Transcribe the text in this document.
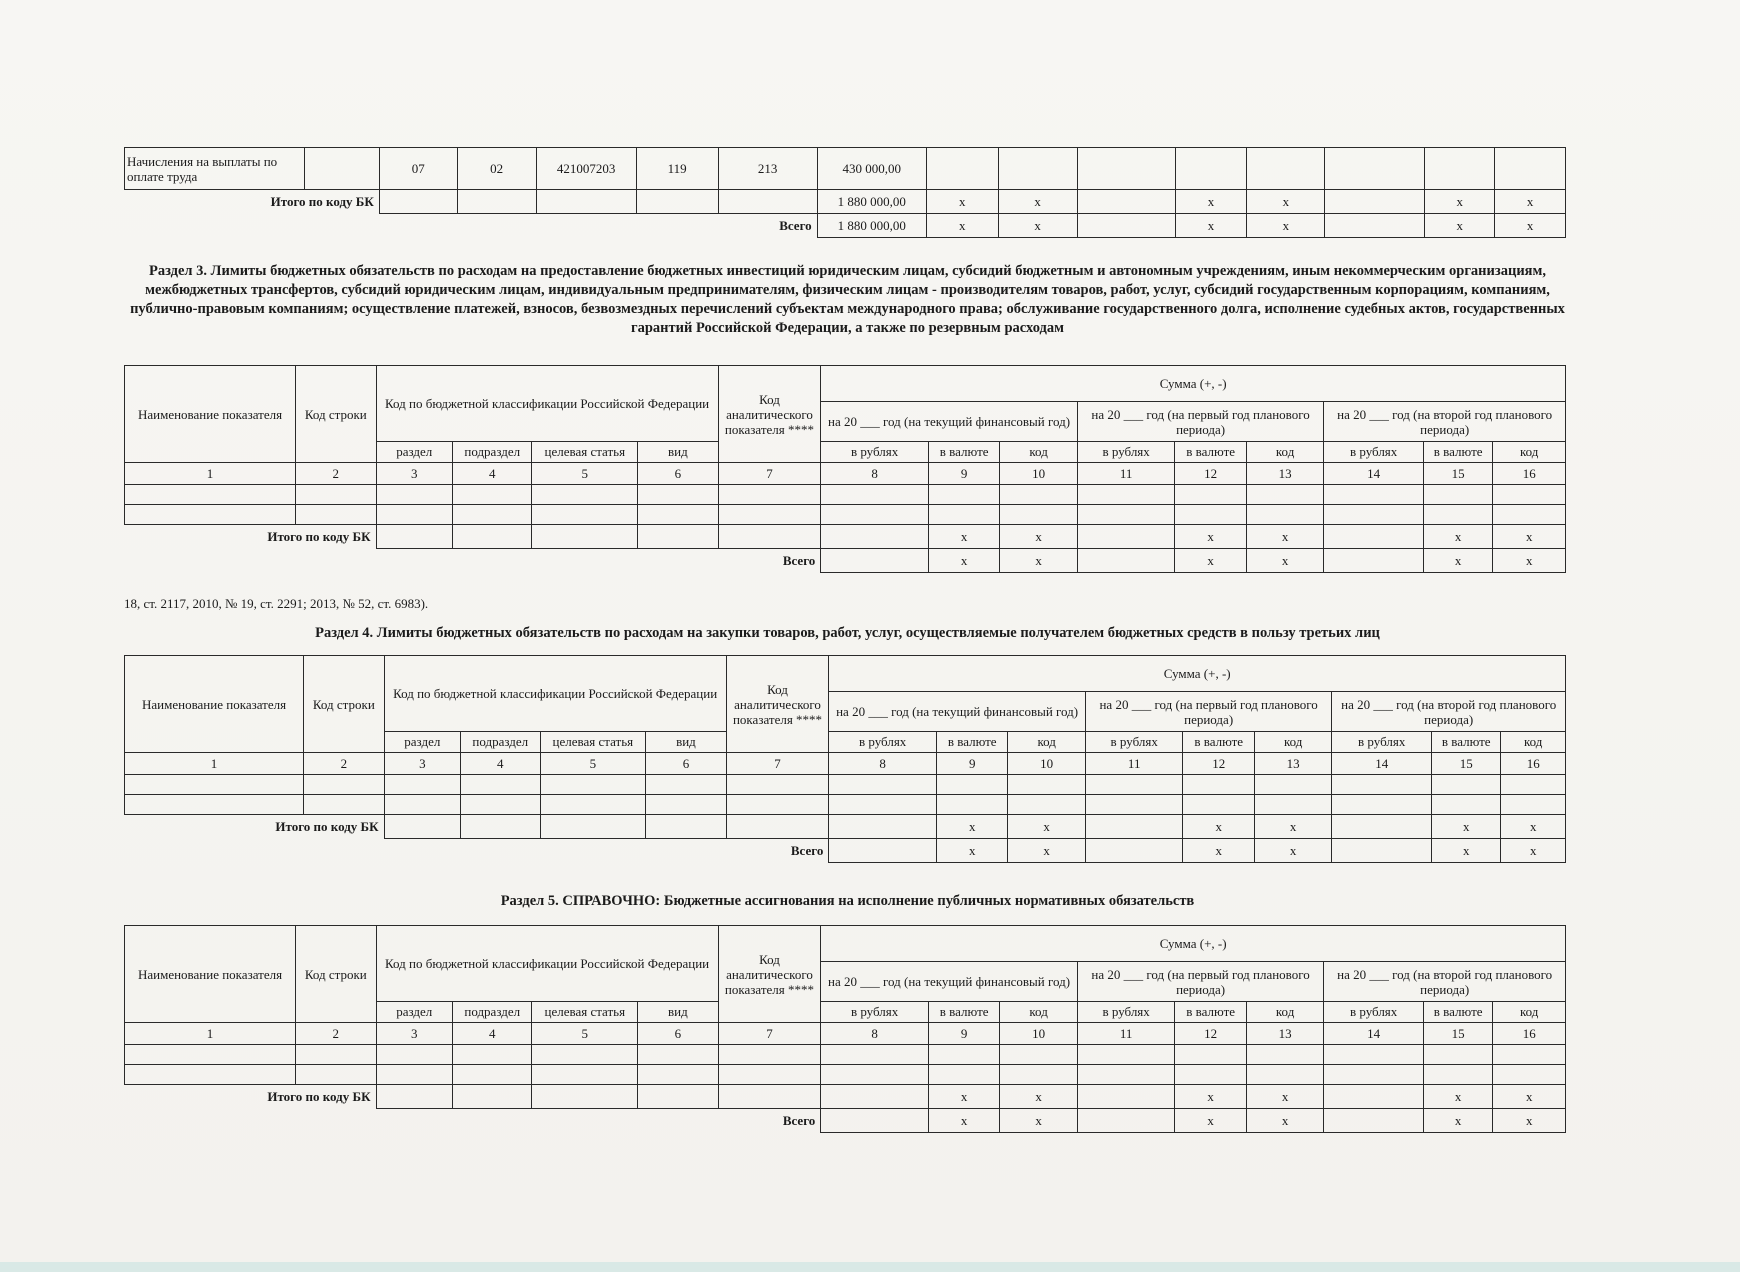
Начисления на выплаты по оплате труда		07	02	421007203	119	213	430 000,00								
Итого по коду БК							1 880 000,00	x	x		x	x		x	x
Всего							1 880 000,00	x	x		x	x		x	x
Раздел 3. Лимиты бюджетных обязательств по расходам на предоставление бюджетных инвестиций юридическим лицам, субсидий бюджетным и автономным учреждениям, иным некоммерческим организациям, межбюджетных трансфертов, субсидий юридическим лицам, индивидуальным предпринимателям, физическим лицам - производителям товаров, работ, услуг, субсидий государственным корпорациям, компаниям, публично-правовым компаниям; осуществление платежей, взносов, безвозмездных перечислений субъектам международного права; обслуживание государственного долга, исполнение судебных актов, государственных гарантий Российской Федерации, а также по резервным расходам
Наименование показателя	Код строки	Код по бюджетной классификации Российской Федерации				Код аналитического показателя ****	Сумма (+, -)								
							на 20 ___ год (на текущий финансовый год)			на 20 ___ год (на первый год планового периода)			на 20 ___ год (на второй год планового периода)		
		раздел	подраздел	целевая статья	вид		в рублях	в валюте	код	в рублях	в валюте	код	в рублях	в валюте	код
1	2	3	4	5	6	7	8	9	10	11	12	13	14	15	16

Итого по коду БК								x	x		x	x		x	x
Всего								x	x		x	x		x	x
18, ст. 2117, 2010, № 19, ст. 2291; 2013, № 52, ст. 6983).
Раздел 4. Лимиты бюджетных обязательств по расходам на закупки товаров, работ, услуг, осуществляемые получателем бюджетных средств в пользу третьих лиц
Наименование показателя	Код строки	Код по бюджетной классификации Российской Федерации				Код аналитического показателя ****	Сумма (+, -)								
							на 20 ___ год (на текущий финансовый год)			на 20 ___ год (на первый год планового периода)			на 20 ___ год (на второй год планового периода)		
		раздел	подраздел	целевая статья	вид		в рублях	в валюте	код	в рублях	в валюте	код	в рублях	в валюте	код
1	2	3	4	5	6	7	8	9	10	11	12	13	14	15	16

Итого по коду БК								x	x		x	x		x	x
Всего								x	x		x	x		x	x
Раздел 5. СПРАВОЧНО: Бюджетные ассигнования на исполнение публичных нормативных обязательств
Наименование показателя	Код строки	Код по бюджетной классификации Российской Федерации				Код аналитического показателя ****	Сумма (+, -)								
							на 20 ___ год (на текущий финансовый год)			на 20 ___ год (на первый год планового периода)			на 20 ___ год (на второй год планового периода)		
		раздел	подраздел	целевая статья	вид		в рублях	в валюте	код	в рублях	в валюте	код	в рублях	в валюте	код
1	2	3	4	5	6	7	8	9	10	11	12	13	14	15	16

Итого по коду БК								x	x		x	x		x	x
Всего								x	x		x	x		x	x
